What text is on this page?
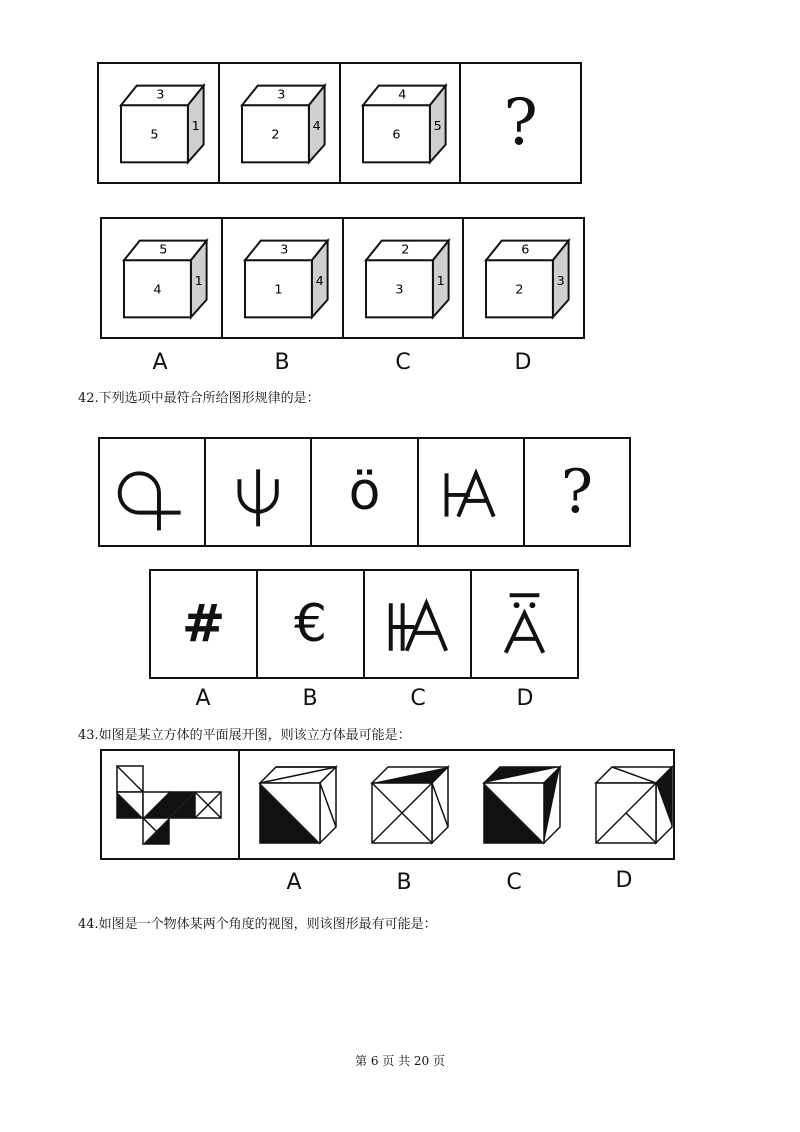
3
5
1
3
2
4
4
6
5 ?
5
4
1
3
1
4
2
3
1
6
2
3
A	B	C	D
42.下列选项中最符合所给图形规律的是：
ö	?
#	€
A	B	C	D
43.如图是某立方体的平面展开图，则该立方体最可能是：
A	B	C	D
44.如图是一个物体某两个角度的视图，则该图形最有可能是：
第 6 页 共 20 页
